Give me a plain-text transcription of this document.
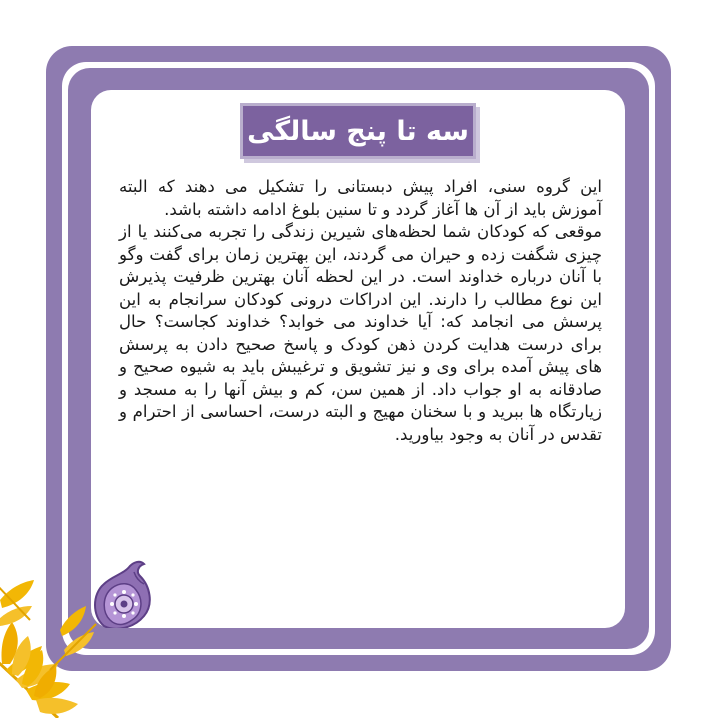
سه تا پنج سالگی

این گروه سنی، افراد پیش دبستانی را تشکیل می دهند که البته آموزش باید از آن ها آغاز گردد و تا سنین بلوغ ادامه داشته باشد.

موقعی که کودکان شما لحظه‌های شیرین زندگی را تجربه می‌کنند یا از چیزی شگفت زده و حیران می گردند، این بهترین زمان برای گفت وگو با آنان درباره خداوند است. در این لحظه آنان بهترین ظرفیت پذیرش این نوع مطالب را دارند. این ادراکات درونی کودکان سرانجام به این پرسش می انجامد که: آیا خداوند می خوابد؟ خداوند کجاست؟ حال برای درست هدایت کردن ذهن کودک و پاسخ صحیح دادن به پرسش های پیش آمده برای وی و نیز تشویق و ترغیبش باید به شیوه صحیح و صادقانه به او جواب داد. از همین سن، کم و بیش آنها را به مسجد و زیارتگاه ها ببرید و با سخنان مهیج و البته درست، احساسی از احترام و تقدس در آنان به وجود بیاورید.
